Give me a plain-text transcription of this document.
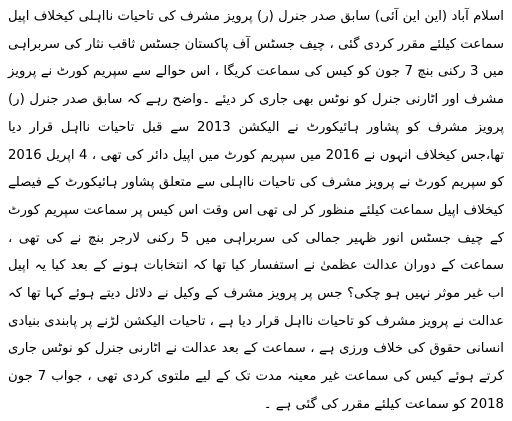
اسلام آباد (این این آئی) سابق صدر جنرل (ر) پرویز مشرف کی تاحیات نااہلی کیخلاف اپیل سماعت کیلئے مقرر کردی گئی ، چیف جسٹس آف پاکستان جسٹس ثاقب نثار کی سربراہی میں 3 رکنی بنچ 7 جون کو کیس کی سماعت کریگا ، اس حوالے سے سپریم کورٹ نے پرویز مشرف اور اٹارنی جنرل کو نوٹس بھی جاری کر دیئے ۔واضح رہے کہ سابق صدر جنرل (ر) پرویز مشرف کو پشاور ہائیکورٹ نے الیکشن 2013 سے قبل تاحیات نااہل قرار دیا تھا،جس کیخلاف انہوں نے 2016 میں سپریم کورٹ میں اپیل دائر کی تھی ، 4 اپریل 2016 کو سپریم کورٹ نے پرویز مشرف کی تاحیات نااہلی سے متعلق پشاور ہائیکورٹ کے فیصلے کیخلاف اپیل سماعت کیلئے منظور کر لی تھی اس وقت اس کیس پر سماعت سپریم کورٹ کے چیف جسٹس انور ظہیر جمالی کی سربراہی میں 5 رکنی لارجر بنچ نے کی تھی ، سماعت کے دوران عدالت عظمیٰ نے استفسار کیا تھا کہ انتخابات ہونے کے بعد کیا یہ اپیل اب غیر موثر نہیں ہو چکی؟ جس پر پرویز مشرف کے وکیل نے دلائل دیتے ہوئے کہا تھا کہ عدالت نے پرویز مشرف کو تاحیات نااہل قرار دیا ہے ، تاحیات الیکشن لڑنے پر پابندی بنیادی انسانی حقوق کی خلاف ورزی ہے ، سماعت کے بعد عدالت نے اٹارنی جنرل کو نوٹس جاری کرتے ہوئے کیس کی سماعت غیر معینہ مدت تک کے لیے ملتوی کردی تھی ، جواب 7 جون 2018 کو سماعت کیلئے مقرر کی گئی ہے ۔
